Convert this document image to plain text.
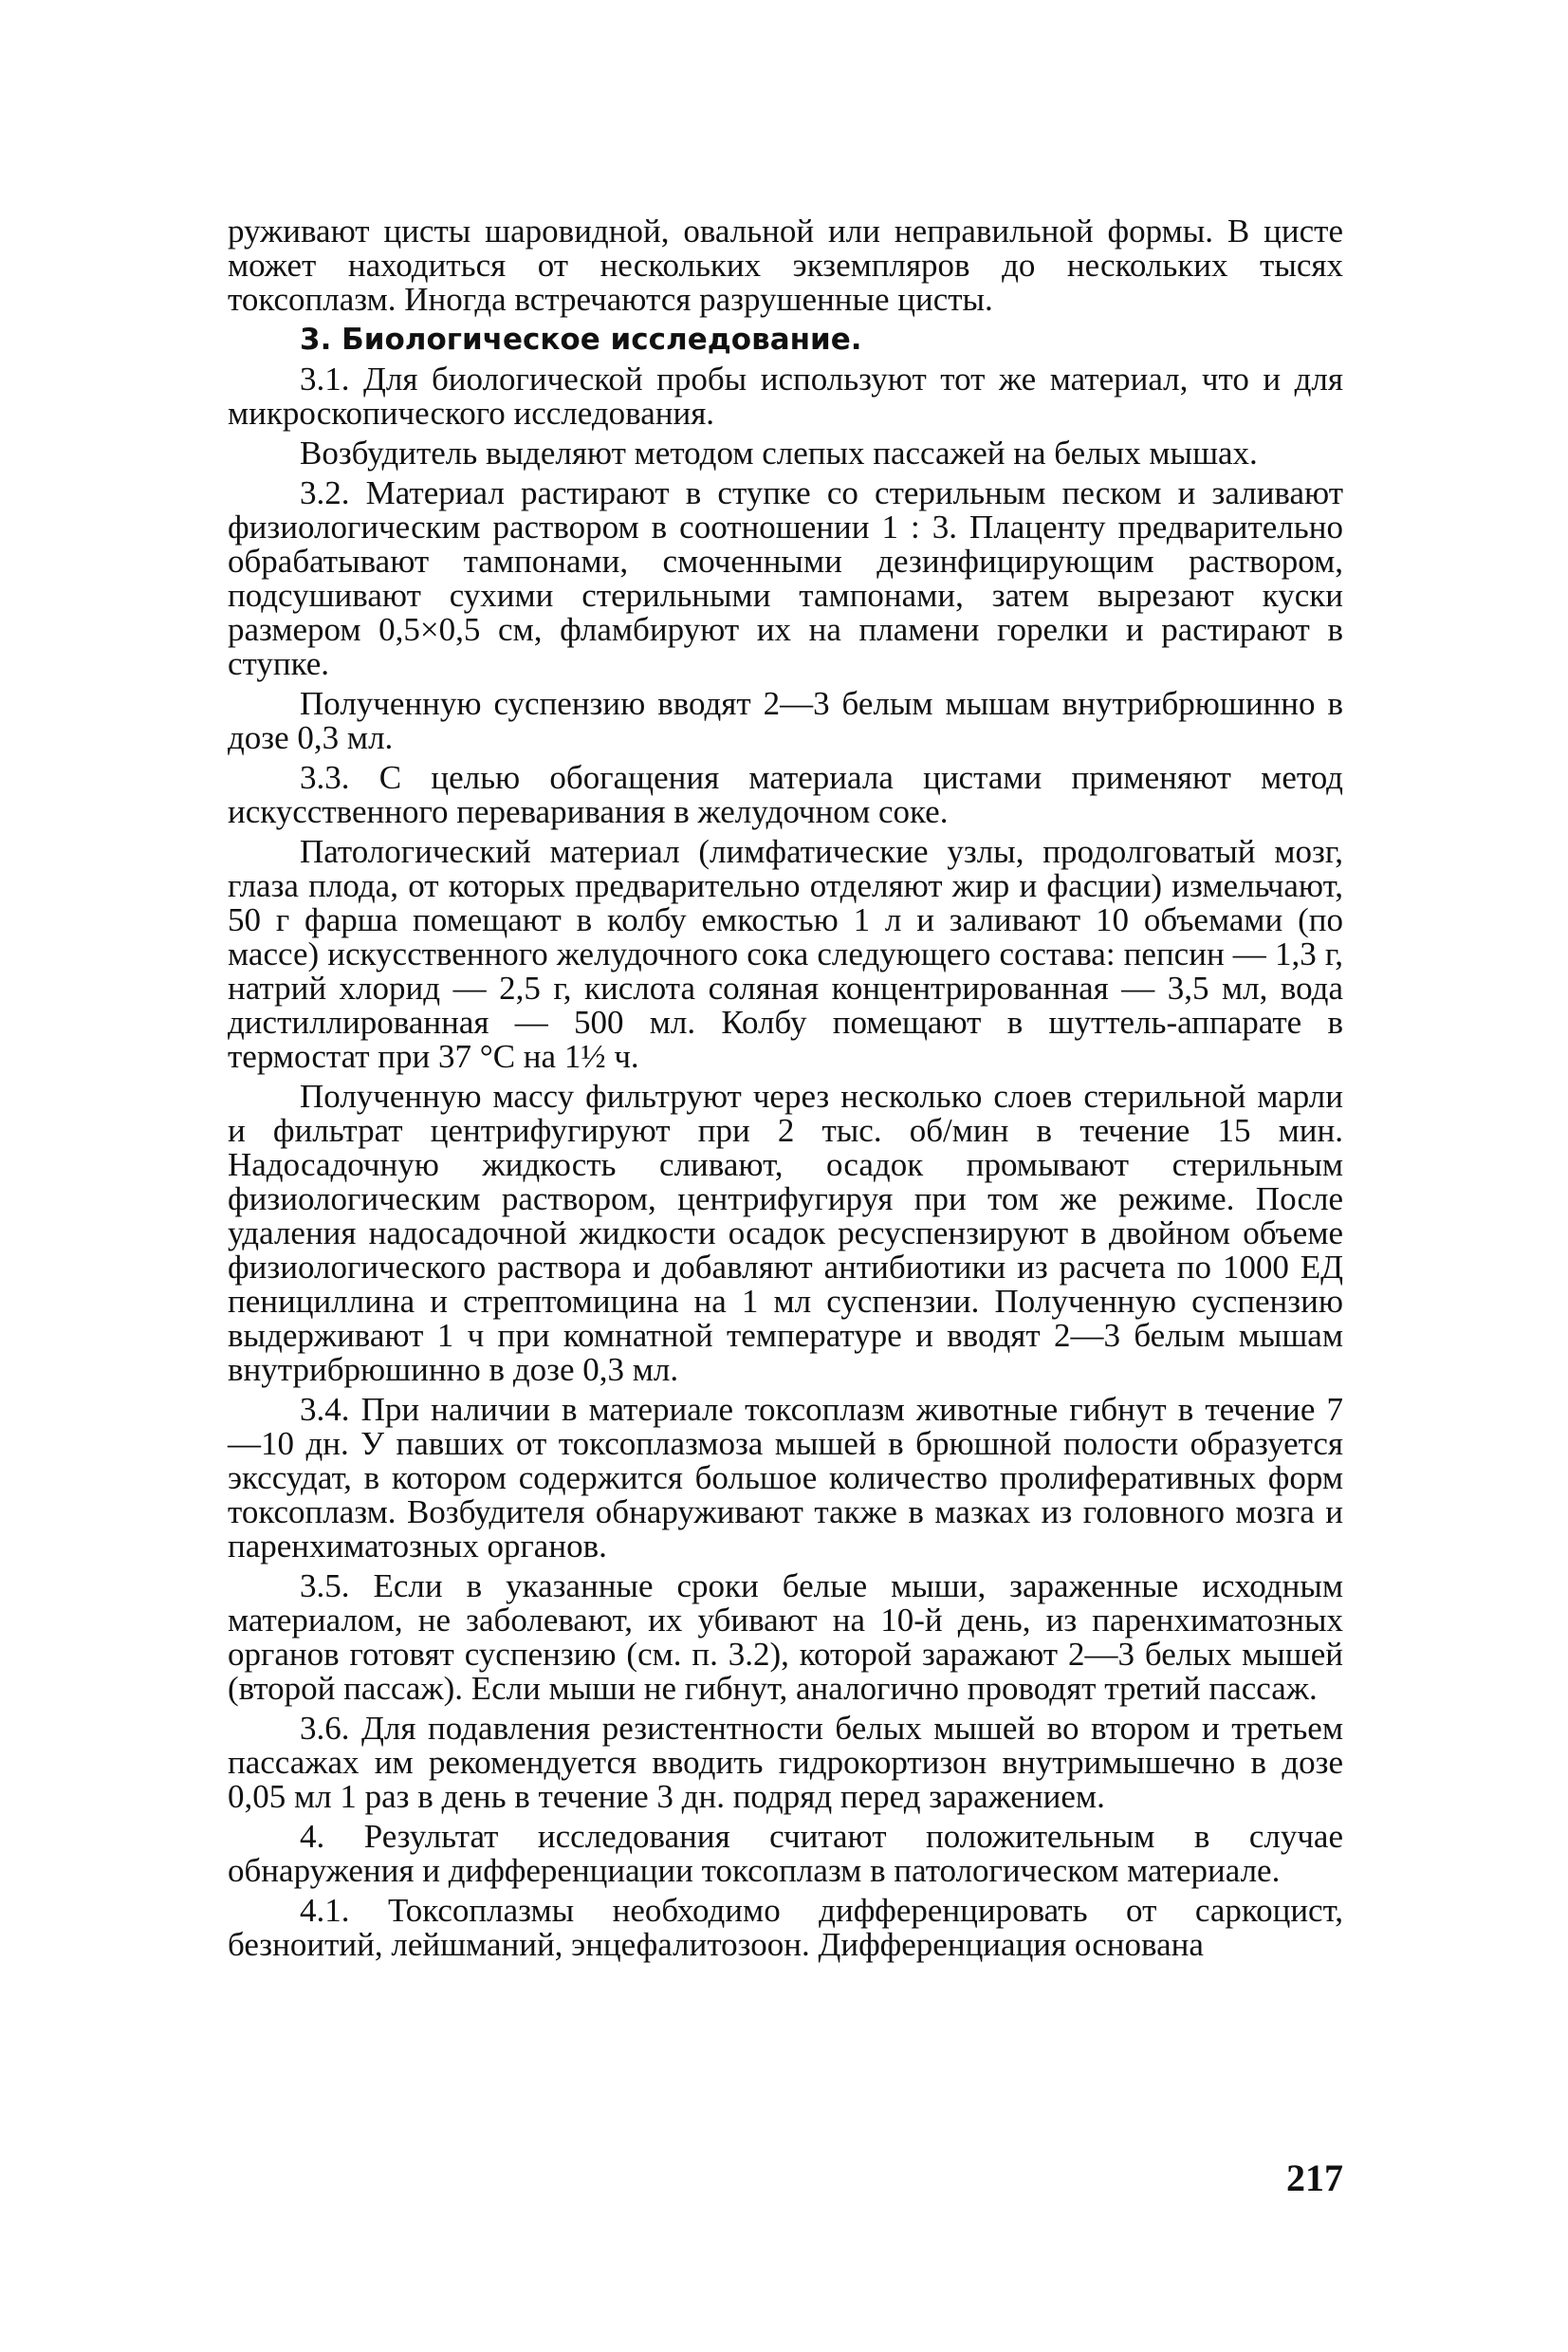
руживают цисты шаровидной, овальной или неправильной формы. В цисте может находиться от нескольких экземпляров до нескольких тысях токсоплазм. Иногда встречаются разрушенные цисты.

3. Биологическое исследование.

3.1. Для биологической пробы используют тот же материал, что и для микроскопического исследования.

Возбудитель выделяют методом слепых пассажей на белых мышах.

3.2. Материал растирают в ступке со стерильным песком и заливают физиологическим раствором в соотношении 1 : 3. Плаценту предварительно обрабатывают тампонами, смоченными дезинфицирующим раствором, подсушивают сухими стерильными тампонами, затем вырезают куски размером 0,5×0,5 см, фламбируют их на пламени горелки и растирают в ступке.

Полученную суспензию вводят 2—3 белым мышам внутрибрюшинно в дозе 0,3 мл.

3.3. С целью обогащения материала цистами применяют метод искусственного переваривания в желудочном соке.

Патологический материал (лимфатические узлы, продолговатый мозг, глаза плода, от которых предварительно отделяют жир и фасции) измельчают, 50 г фарша помещают в колбу емкостью 1 л и заливают 10 объемами (по массе) искусственного желудочного сока следующего состава: пепсин — 1,3 г, натрий хлорид — 2,5 г, кислота соляная концентрированная — 3,5 мл, вода дистиллированная — 500 мл. Колбу помещают в шуттель-аппарате в термостат при 37 °С на 1½ ч.

Полученную массу фильтруют через несколько слоев стерильной марли и фильтрат центрифугируют при 2 тыс. об/мин в течение 15 мин. Надосадочную жидкость сливают, осадок промывают стерильным физиологическим раствором, центрифугируя при том же режиме. После удаления надосадочной жидкости осадок ресуспензируют в двойном объеме физиологического раствора и добавляют антибиотики из расчета по 1000 ЕД пенициллина и стрептомицина на 1 мл суспензии. Полученную суспензию выдерживают 1 ч при комнатной температуре и вводят 2—3 белым мышам внутрибрюшинно в дозе 0,3 мл.

3.4. При наличии в материале токсоплазм животные гибнут в течение 7—10 дн. У павших от токсоплазмоза мышей в брюшной полости образуется экссудат, в котором содержится большое количество пролиферативных форм токсоплазм. Возбудителя обнаруживают также в мазках из головного мозга и паренхиматозных органов.

3.5. Если в указанные сроки белые мыши, зараженные исходным материалом, не заболевают, их убивают на 10-й день, из паренхиматозных органов готовят суспензию (см. п. 3.2), которой заражают 2—3 белых мышей (второй пассаж). Если мыши не гибнут, аналогично проводят третий пассаж.

3.6. Для подавления резистентности белых мышей во втором и третьем пассажах им рекомендуется вводить гидрокортизон внутримышечно в дозе 0,05 мл 1 раз в день в течение 3 дн. подряд перед заражением.

4. Результат исследования считают положительным в случае обнаружения и дифференциации токсоплазм в патологическом материале.

4.1. Токсоплазмы необходимо дифференцировать от саркоцист, безноитий, лейшманий, энцефалитозоон. Дифференциация основана

217
